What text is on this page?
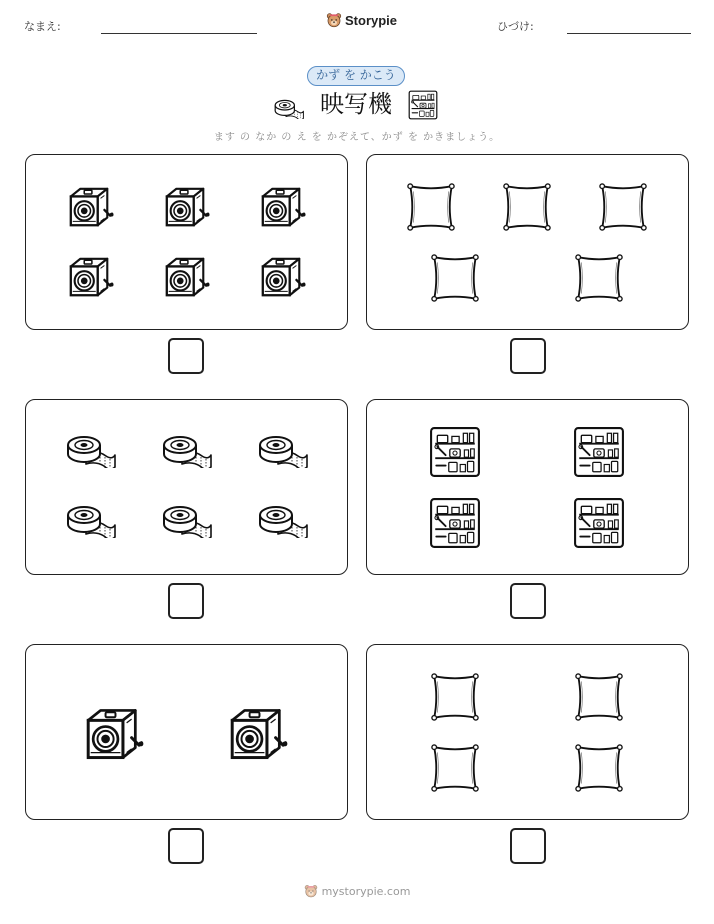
なまえ:	Storypie	ひづけ:
かず を かこう
映写機
ます の なか の え を かぞえて、かず を かきましょう。
mystorypie.com
